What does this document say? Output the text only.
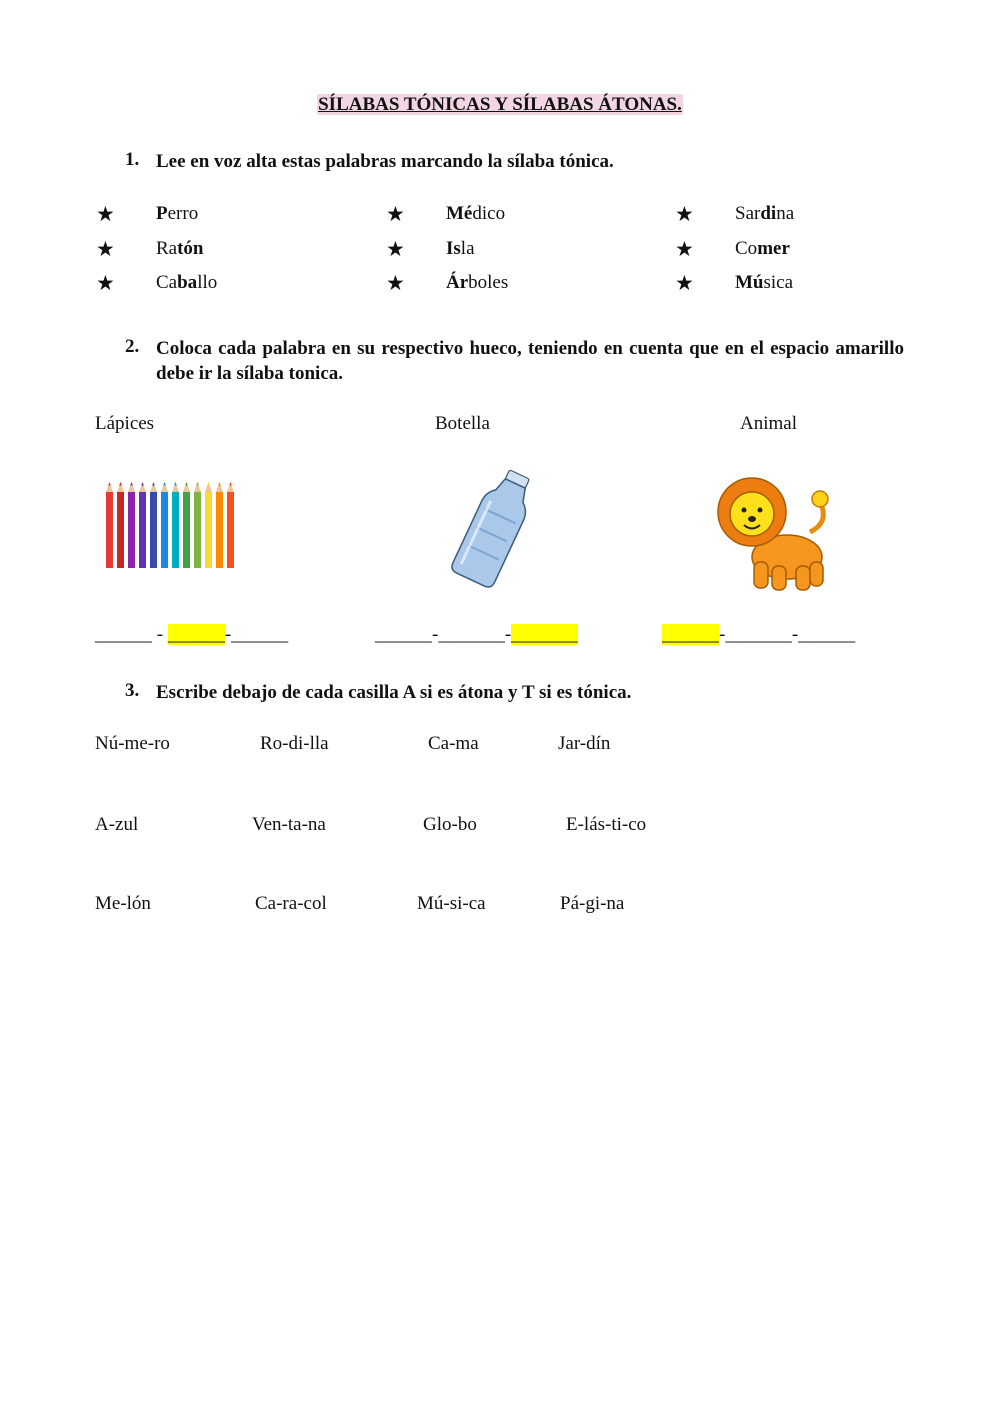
SÍLABAS TÓNICAS Y SÍLABAS ÁTONAS.
1. Lee en voz alta estas palabras marcando la sílaba tónica.
★ Perro	★ Médico	★ Sardina
★ Ratón	★ Isla	★ Comer
★ Caballo	★ Árboles	★ Música
2. Coloca cada palabra en su respectivo hueco, teniendo en cuenta que en el espacio amarillo debe ir la sílaba tonica.
Lápices	Botella	Animal
______ - ______-______	______-_______-_______	______-_______-______
3. Escribe debajo de cada casilla A si es átona y T si es tónica.
Nú-me-ro	Ro-di-lla	Ca-ma	Jar-dín
A-zul	Ven-ta-na	Glo-bo	E-lás-ti-co
Me-lón	Ca-ra-col	Mú-si-ca	Pá-gi-na
